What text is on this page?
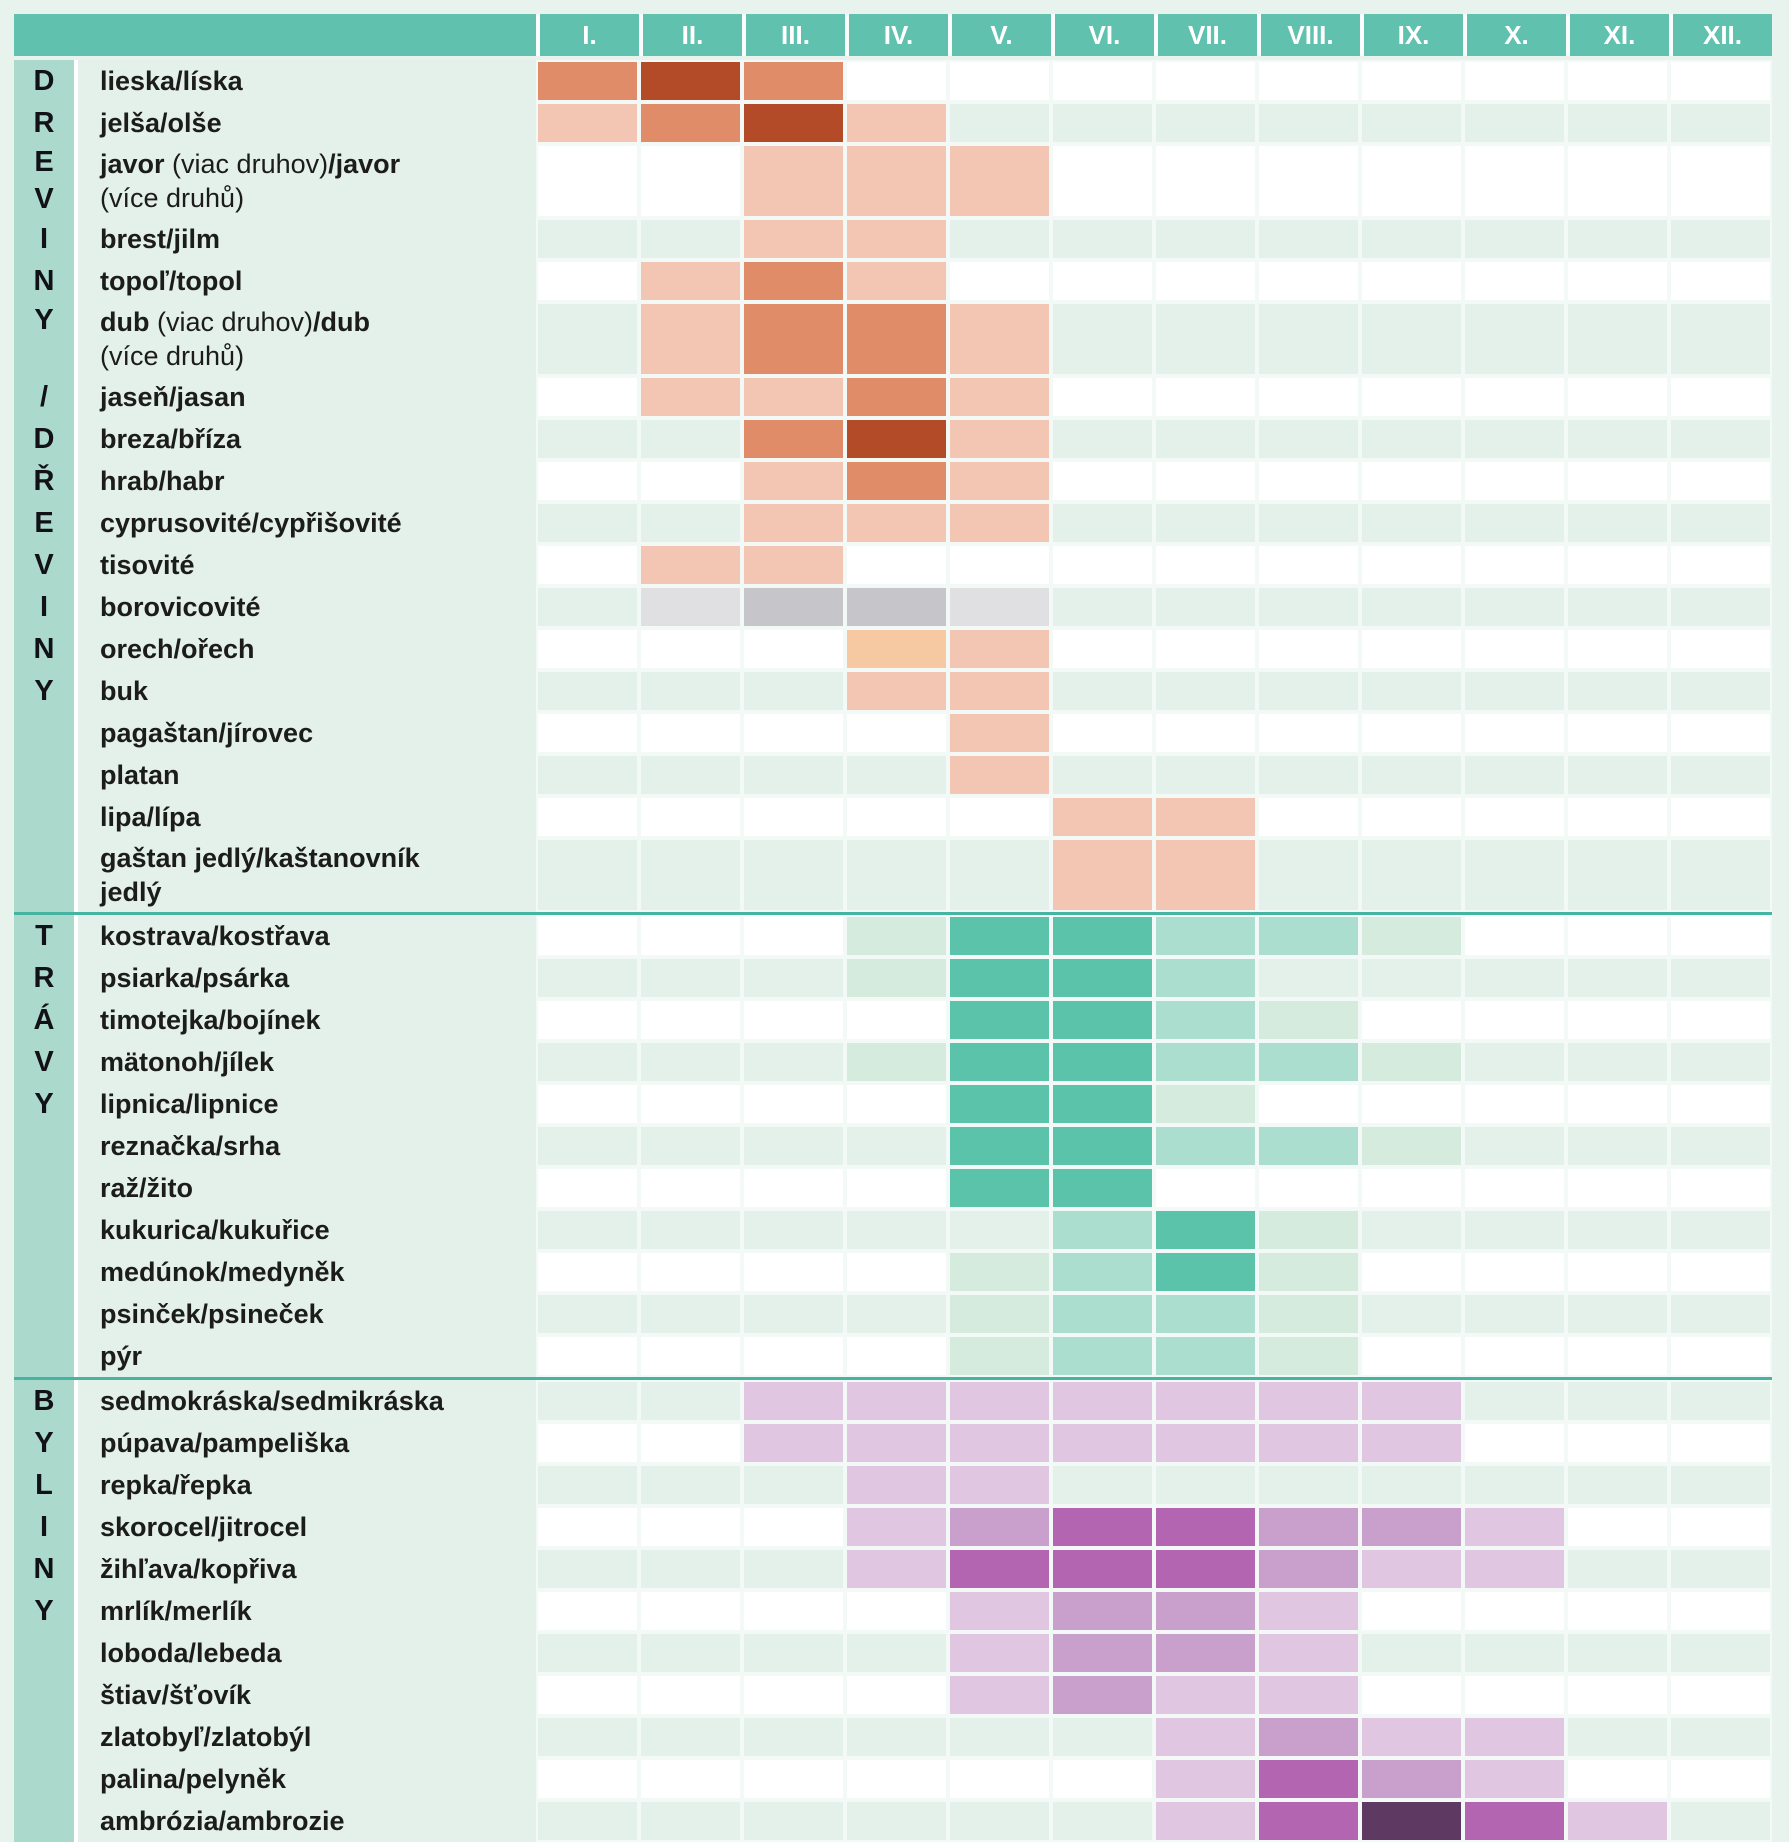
I.	II.	III.	IV.	V.	VI.	VII.	VIII.	IX.	X.	XI.	XII.
D	lieska/líska
R	jelša/olše
E
V
javor (viac druhov)/javor
(více druhů)
I	brest/jilm
N	topoľ/topol
Y	dub (viac druhov)/dub
(více druhů)
/	jaseň/jasan
D	breza/bříza
Ř	hrab/habr
E	cyprusovité/cypřišovité
V	tisovité
I	borovicovité
N	orech/ořech
Y	buk
pagaštan/jírovec
platan
lipa/lípa
gaštan jedlý/kaštanovník
jedlý
T	kostrava/kostřava
R	psiarka/psárka
Á	timotejka/bojínek
V	mätonoh/jílek
Y	lipnica/lipnice
reznačka/srha
raž/žito
kukurica/kukuřice
medúnok/medyněk
psinček/psineček
pýr
B	sedmokráska/sedmikráska
Y	púpava/pampeliška
L	repka/řepka
I	skorocel/jitrocel
N	žihľava/kopřiva
Y	mrlík/merlík
loboda/lebeda
štiav/šťovík
zlatobyľ/zlatobýl
palina/pelyněk
ambrózia/ambrozie
